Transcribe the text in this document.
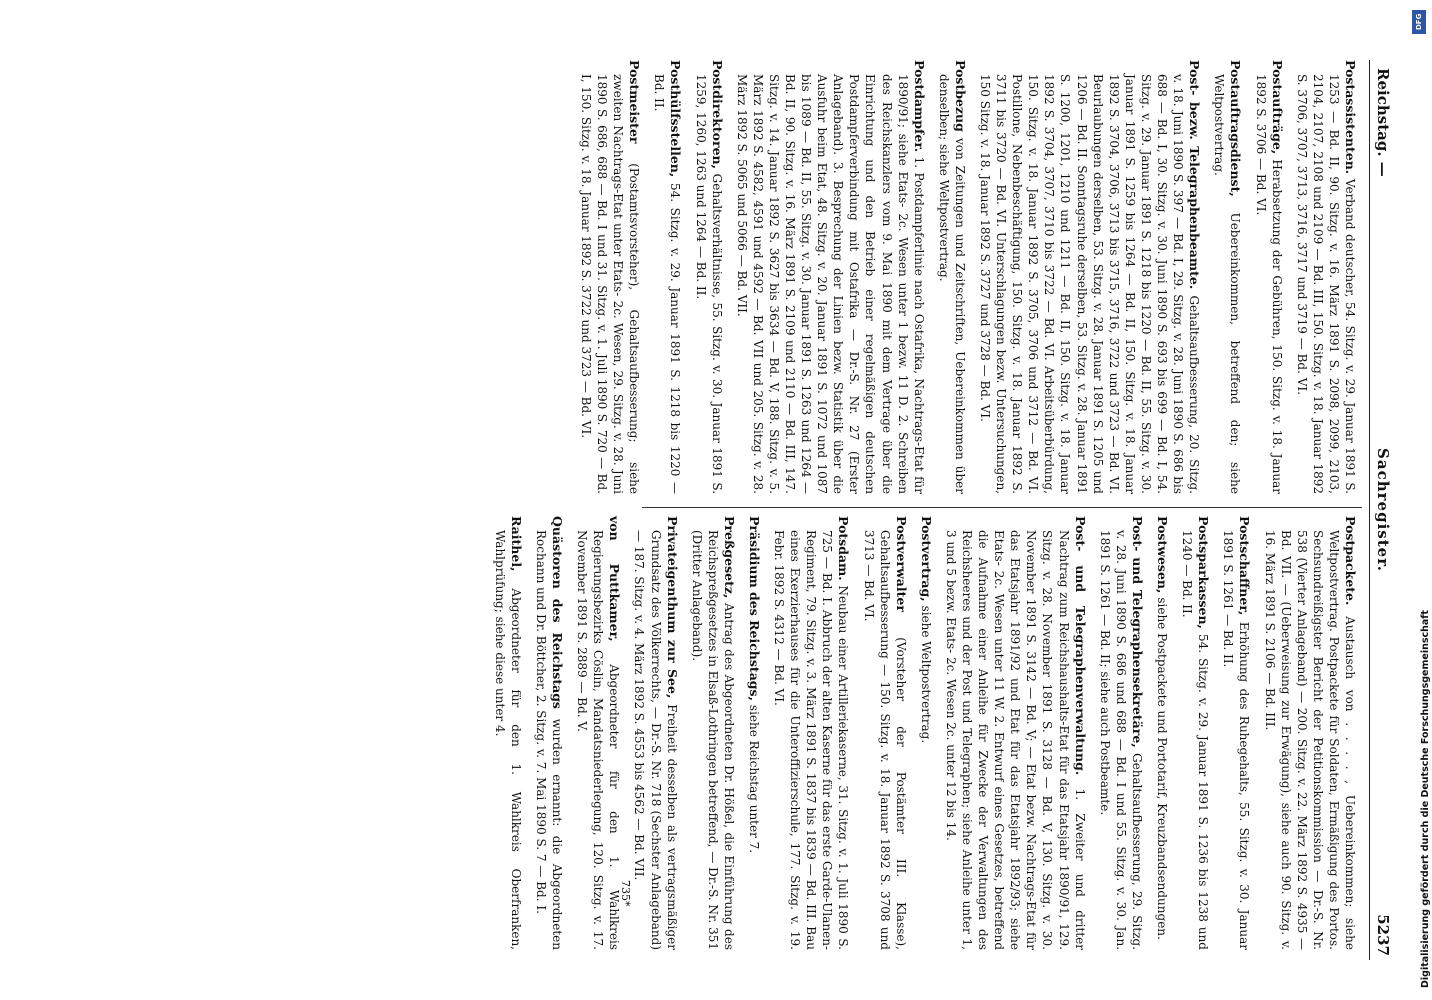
Reichstag. —
Sachregister.
5237

Postassistenten. Verband deutscher, 54. Sitzg. v. 29. Januar 1891 S. 1253 — Bd. II, 90. Sitzg. v. 16. März 1891 S. 2098, 2099, 2103, 2104, 2107, 2108 und 2109 — Bd. III, 150. Sitzg. v. 18. Januar 1892 S. 3706, 3707, 3713, 3716, 3717 und 3719 — Bd. VI.

Postaufträge, Herabsetzung der Gebühren, 150. Sitzg. v. 18. Januar 1892 S. 3706 — Bd. VI.

Postauftragsdienst, Uebereinkommen, betreffend den; siehe Weltpostvertrag.

Post- bezw. Telegraphenbeamte. Gehaltsaufbesserung, 20. Sitzg. v. 18. Juni 1890 S. 397 — Bd. I, 29. Sitzg. v. 28. Juni 1890 S. 686 bis 688 — Bd. I, 30. Sitzg. v. 30. Juni 1890 S. 693 bis 699 — Bd. I, 54. Sitzg. v. 29. Januar 1891 S. 1218 bis 1220 — Bd. II, 55. Sitzg. v. 30. Januar 1891 S. 1259 bis 1264 — Bd. II, 150. Sitzg. v. 18. Januar 1892 S. 3704, 3706, 3713 bis 3715, 3716, 3722 und 3723 — Bd. VI. Beurlaubungen derselben, 53. Sitzg. v. 28. Januar 1891 S. 1205 und 1206 — Bd. II. Sonntagsruhe derselben, 53. Sitzg. v. 28. Januar 1891 S. 1200, 1201, 1210 und 1211 — Bd. II, 150. Sitzg. v. 18. Januar 1892 S. 3704, 3707, 3710 bis 3722 — Bd. VI. Arbeitsüberbürdung, 150. Sitzg. v. 18. Januar 1892 S. 3705, 3706 und 3712 — Bd. VI. Postillone, Nebenbeschäftigung, 150. Sitzg. v. 18. Januar 1892 S. 3711 bis 3720 — Bd. VI. Unterschlagungen bezw. Untersuchungen, 150 Sitzg. v. 18. Januar 1892 S. 3727 und 3728 — Bd. VI.

Postbezug von Zeitungen und Zeitschriften, Uebereinkommen über denselben; siehe Weltpostvertrag.

Postdampfer. 1. Postdampferlinie nach Ostafrika, Nachtrags-Etat für 1890/91; siehe Etats- 2c. Wesen unter 1 bezw. 11 D. 2. Schreiben des Reichskanzlers vom 9. Mai 1890 mit dem Vertrage über die Einrichtung und den Betrieb einer regelmäßigen deutschen Postdampferverbindung mit Ostafrika — Dr.-S. Nr. 27 (Erster Anlageband). 3. Besprechung der Linien bezw. Statistik über die Ausfuhr beim Etat, 48. Sitzg. v. 20. Januar 1891 S. 1072 und 1087 bis 1089 — Bd. II, 55. Sitzg. v. 30. Januar 1891 S. 1263 und 1264 — Bd. II, 90. Sitzg. v. 16. März 1891 S. 2109 und 2110 — Bd. III, 147. Sitzg. v. 14. Januar 1892 S. 3627 bis 3634 — Bd. V, 188. Sitzg. v. 5. März 1892 S. 4582, 4591 und 4592 — Bd. VII und 205. Sitzg. v. 28. März 1892 S. 5065 und 5066 — Bd. VII.

Postdirektoren, Gehaltsverhältnisse, 55. Sitzg. v. 30. Januar 1891 S. 1259, 1260, 1263 und 1264 — Bd. II.

Posthülfsstellen, 54. Sitzg. v. 29. Januar 1891 S. 1218 bis 1220 — Bd. II.

Postmeister (Postamtsvorsteher), Gehaltsaufbesserung; siehe zweiten Nachtrags-Etat unter Etats- 2c. Wesen, 29. Sitzg. v. 28. Juni 1890 S. 686, 688 — Bd. I und 31. Sitzg. v. 1. Juli 1890 S. 720 — Bd. I, 150. Sitzg. v. 18. Januar 1892 S. 3722 und 3723 — Bd. VI.

Postpackete. Austausch von . . . . , Uebereinkommen; siehe Weltpostvertrag. Postpackete für Soldaten, Ermäßigung des Portos. Sechsundreißigster Bericht der Petitionskommission — Dr.-S. Nr. 538 (Vierter Anlageband) — 200. Sitzg. v. 22. März 1892 S. 4935 — Bd. VII. — (Ueberweisung zur Erwägung), siehe auch 90. Sitzg. v. 16. März 1891 S. 2106 — Bd. III.

Postschaffner, Erhöhung des Ruhegehalts, 55. Sitzg. v. 30. Januar 1891 S. 1261 — Bd. II.

Postsparkassen, 54. Sitzg. v. 29. Januar 1891 S. 1236 bis 1238 und 1240 — Bd. II.

Postwesen, siehe Postpackete und Portotarif, Kreuzbandsendungen.

Post- und Telegraphensekretäre, Gehaltsaufbesserung, 29. Sitzg. v. 28. Juni 1890 S. 686 und 688 — Bd. I und 55. Sitzg. v. 30. Jan. 1891 S. 1261 — Bd. II; siehe auch Postbeamte.

Post- und Telegraphenverwaltung. 1. Zweiter und dritter Nachtrag zum Reichshaushalts-Etat für das Etatsjahr 1890/91, 129. Sitzg. v. 28. November 1891 S. 3128 — Bd. V, 130. Sitzg. v. 30. November 1891 S. 3142 — Bd. V; — Etat bezw. Nachtrags-Etat für das Etatsjahr 1891/92 und Etat für das Etatsjahr 1892/93; siehe Etats- 2c. Wesen unter 11 W. 2. Entwurf eines Gesetzes, betreffend die Aufnahme einer Anleihe für Zwecke der Verwaltungen des Reichsheeres und der Post und Telegraphen; siehe Anleihe unter 1, 3 und 5 bezw. Etats- 2c. Wesen 2c. unter 12 bis 14.

Postvertrag, siehe Weltpostvertrag.

Postverwalter (Vorsteher der Postämter III. Klasse), Gehaltsaufbesserung — 150. Sitzg. v. 18. Januar 1892 S. 3708 und 3713 — Bd. VI.

Potsdam. Neubau einer Artilleriekaserne, 31. Sitzg. v. 1. Juli 1890 S. 725 — Bd. I. Abbruch der alten Kaserne für das erste Garde-Ulanen-Regiment, 79. Sitzg. v. 3. März 1891 S. 1837 bis 1839 — Bd. III. Bau eines Exerzierhauses für die Unteroffizierschule, 177. Sitzg. v. 19. Febr. 1892 S. 4312 — Bd. VI.

Präsidium des Reichstags, siehe Reichstag unter 7.

Preßgesetz, Antrag des Abgeordneten Dr. Hößel, die Einführung des Reichspreßgesetzes in Elsaß-Lothringen betreffend, — Dr.-S. Nr. 351 (Dritter Anlageband).

Privateigenthum zur See, Freiheit desselben als vertragsmäßiger Grundsatz des Völkerrechts, — Dr.-S. Nr. 718 (Sechster Anlageband) — 187. Sitzg. v. 4. März 1892 S. 4553 bis 4562 — Bd. VII.

von Puttkamer, Abgeordneter für den 1. Wahlkreis Regierungsbezirks Cöslin, Mandatsniederlegung, 120. Sitzg. v. 17. November 1891 S. 2889 — Bd. V.

Quästoren des Reichstags wurden ernannt: die Abgeordneten Rochann und Dr. Böttcher, 2. Sitzg. v. 7. Mai 1890 S. 7 — Bd. I.

Raithel, Abgeordneter für den 1. Wahlkreis Oberfranken, Wahlprüfung; siehe diese unter 4.

735*
DFG
Digitalisierung gefördert durch die Deutsche Forschungsgemeinschaft
